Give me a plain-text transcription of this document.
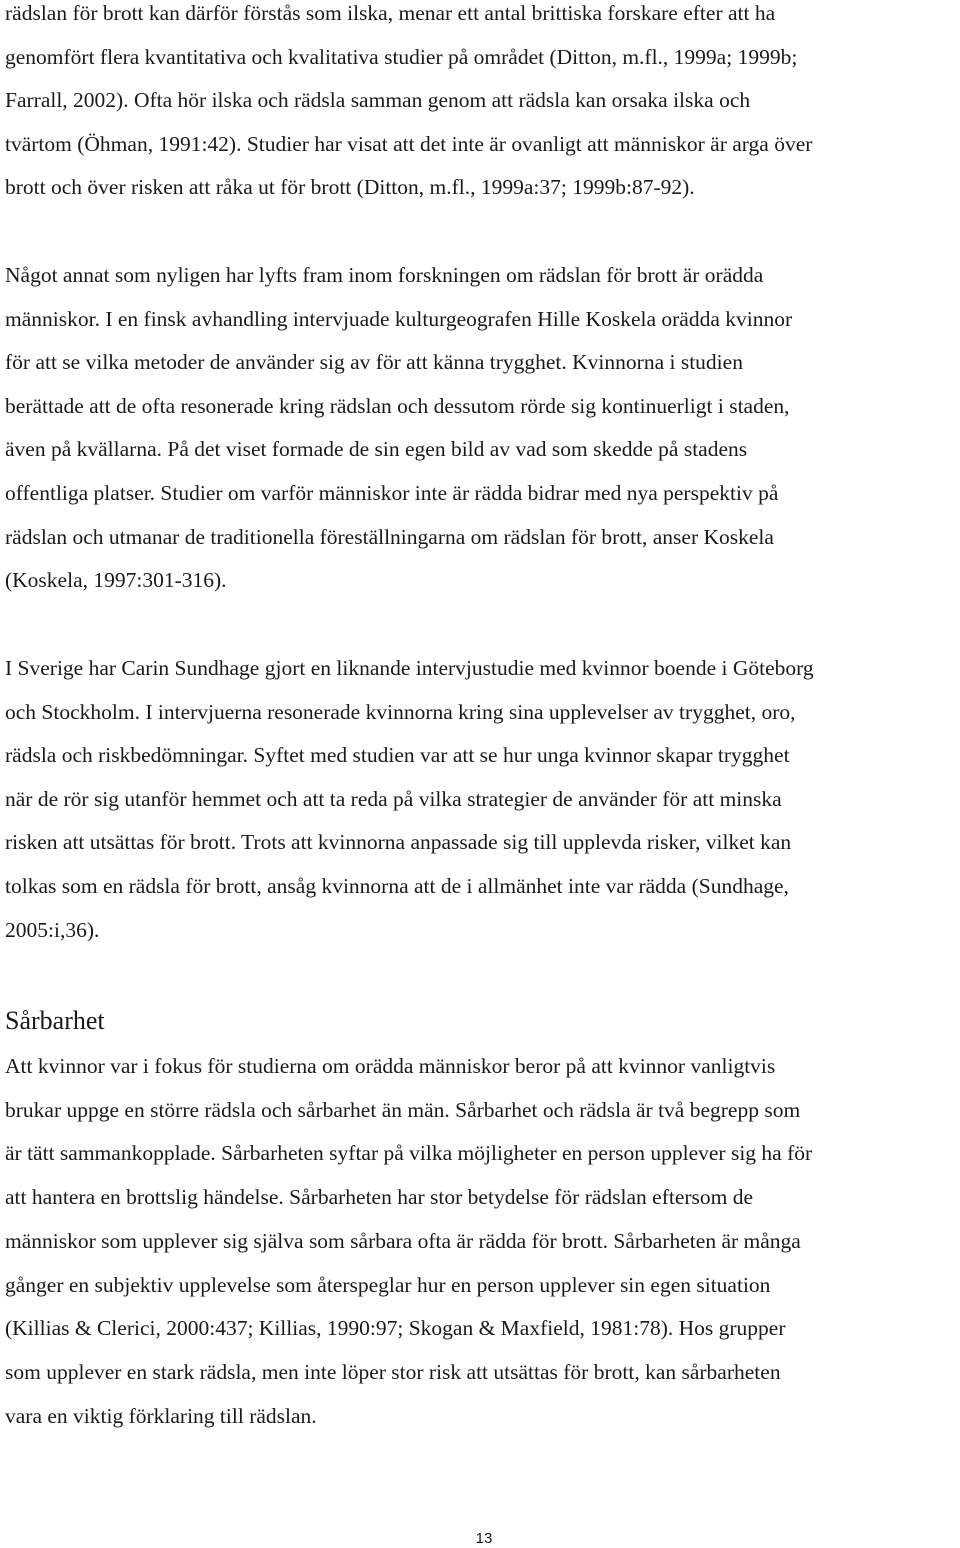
rädslan för brott kan därför förstås som ilska, menar ett antal brittiska forskare efter att ha
genomfört flera kvantitativa och kvalitativa studier på området (Ditton, m.fl., 1999a; 1999b;
Farrall, 2002). Ofta hör ilska och rädsla samman genom att rädsla kan orsaka ilska och
tvärtom (Öhman, 1991:42). Studier har visat att det inte är ovanligt att människor är arga över
brott och över risken att råka ut för brott (Ditton, m.fl., 1999a:37; 1999b:87-92).
Något annat som nyligen har lyfts fram inom forskningen om rädslan för brott är orädda
människor. I en finsk avhandling intervjuade kulturgeografen Hille Koskela orädda kvinnor
för att se vilka metoder de använder sig av för att känna trygghet. Kvinnorna i studien
berättade att de ofta resonerade kring rädslan och dessutom rörde sig kontinuerligt i staden,
även på kvällarna. På det viset formade de sin egen bild av vad som skedde på stadens
offentliga platser. Studier om varför människor inte är rädda bidrar med nya perspektiv på
rädslan och utmanar de traditionella föreställningarna om rädslan för brott, anser Koskela
(Koskela, 1997:301-316).
I Sverige har Carin Sundhage gjort en liknande intervjustudie med kvinnor boende i Göteborg
och Stockholm. I intervjuerna resonerade kvinnorna kring sina upplevelser av trygghet, oro,
rädsla och riskbedömningar. Syftet med studien var att se hur unga kvinnor skapar trygghet
när de rör sig utanför hemmet och att ta reda på vilka strategier de använder för att minska
risken att utsättas för brott. Trots att kvinnorna anpassade sig till upplevda risker, vilket kan
tolkas som en rädsla för brott, ansåg kvinnorna att de i allmänhet inte var rädda (Sundhage,
2005:i,36).
Sårbarhet
Att kvinnor var i fokus för studierna om orädda människor beror på att kvinnor vanligtvis
brukar uppge en större rädsla och sårbarhet än män. Sårbarhet och rädsla är två begrepp som
är tätt sammankopplade. Sårbarheten syftar på vilka möjligheter en person upplever sig ha för
att hantera en brottslig händelse. Sårbarheten har stor betydelse för rädslan eftersom de
människor som upplever sig själva som sårbara ofta är rädda för brott. Sårbarheten är många
gånger en subjektiv upplevelse som återspeglar hur en person upplever sin egen situation
(Killias & Clerici, 2000:437; Killias, 1990:97; Skogan & Maxfield, 1981:78). Hos grupper
som upplever en stark rädsla, men inte löper stor risk att utsättas för brott, kan sårbarheten
vara en viktig förklaring till rädslan.
13
